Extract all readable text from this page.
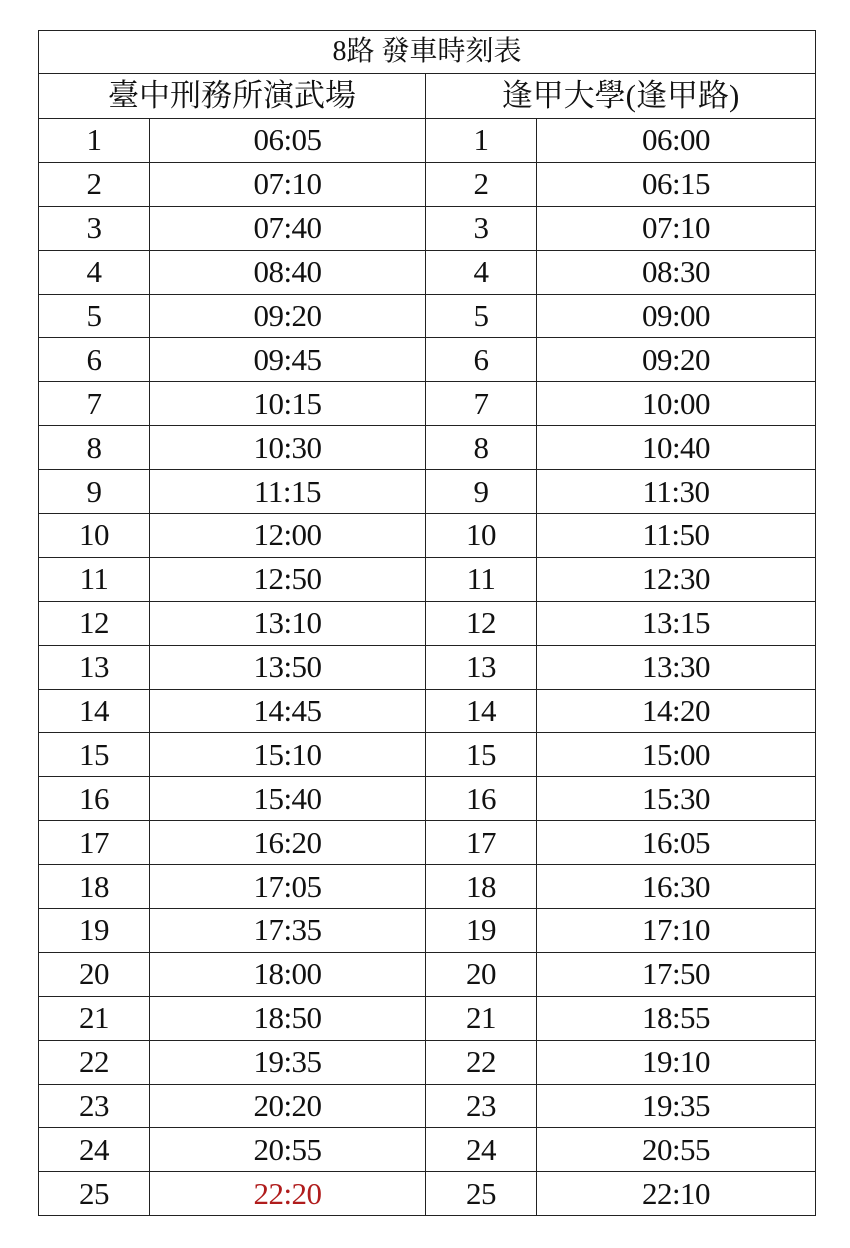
8路 發車時刻表			
臺中刑務所演武場		逢甲大學(逢甲路)	
1	06:05	1	06:00
2	07:10	2	06:15
3	07:40	3	07:10
4	08:40	4	08:30
5	09:20	5	09:00
6	09:45	6	09:20
7	10:15	7	10:00
8	10:30	8	10:40
9	11:15	9	11:30
10	12:00	10	11:50
11	12:50	11	12:30
12	13:10	12	13:15
13	13:50	13	13:30
14	14:45	14	14:20
15	15:10	15	15:00
16	15:40	16	15:30
17	16:20	17	16:05
18	17:05	18	16:30
19	17:35	19	17:10
20	18:00	20	17:50
21	18:50	21	18:55
22	19:35	22	19:10
23	20:20	23	19:35
24	20:55	24	20:55
25	22:20	25	22:10
